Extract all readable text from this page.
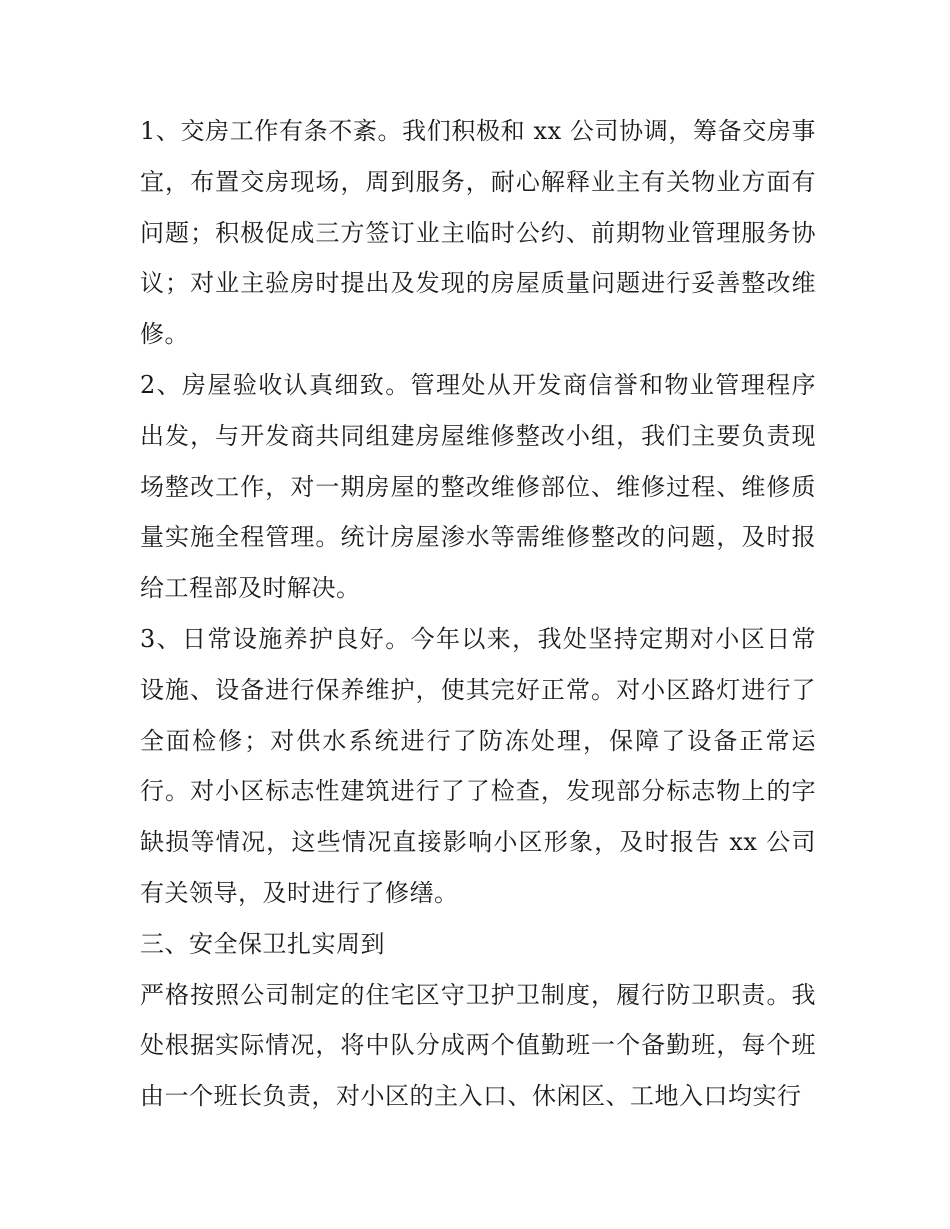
1、交房工作有条不紊。我们积极和 xx 公司协调，筹备交房事宜，布置交房现场，周到服务，耐心解释业主有关物业方面有问题；积极促成三方签订业主临时公约、前期物业管理服务协议；对业主验房时提出及发现的房屋质量问题进行妥善整改维修。

2、房屋验收认真细致。管理处从开发商信誉和物业管理程序出发，与开发商共同组建房屋维修整改小组，我们主要负责现场整改工作，对一期房屋的整改维修部位、维修过程、维修质量实施全程管理。统计房屋渗水等需维修整改的问题，及时报给工程部及时解决。

3、日常设施养护良好。今年以来，我处坚持定期对小区日常设施、设备进行保养维护，使其完好正常。对小区路灯进行了全面检修；对供水系统进行了防冻处理，保障了设备正常运行。对小区标志性建筑进行了了检查，发现部分标志物上的字缺损等情况，这些情况直接影响小区形象，及时报告 xx 公司有关领导，及时进行了修缮。

三、安全保卫扎实周到

严格按照公司制定的住宅区守卫护卫制度，履行防卫职责。我处根据实际情况，将中队分成两个值勤班一个备勤班，每个班由一个班长负责，对小区的主入口、休闲区、工地入口均实行
